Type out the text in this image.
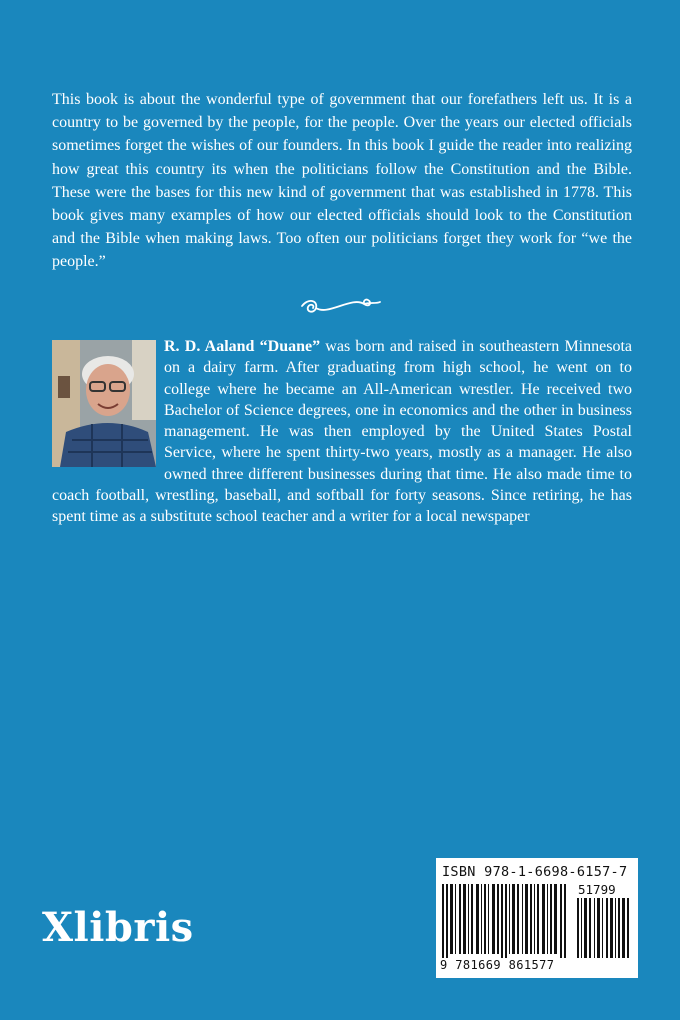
This book is about the wonderful type of government that our forefathers left us. It is a country to be governed by the people, for the people. Over the years our elected officials sometimes forget the wishes of our founders. In this book I guide the reader into realizing how great this country its when the politicians follow the Constitution and the Bible. These were the bases for this new kind of government that was established in 1778. This book gives many examples of how our elected officials should look to the Constitution and the Bible when making laws. Too often our politicians forget they work for “we the people.”

R. D. Aaland “Duane” was born and raised in southeastern Minnesota on a dairy farm. After graduating from high school, he went on to college where he became an All-American wrestler. He received two Bachelor of Science degrees, one in economics and the other in business management. He was then employed by the United States Postal Service, where he spent thirty-two years, mostly as a manager. He also owned three different businesses during that time. He also made time to coach football, wrestling, baseball, and softball for forty seasons. Since retiring, he has spent time as a substitute school teacher and a writer for a local newspaper

Xlibris
ISBN 978-1-6698-6157-7
51799
9 781669 861577
